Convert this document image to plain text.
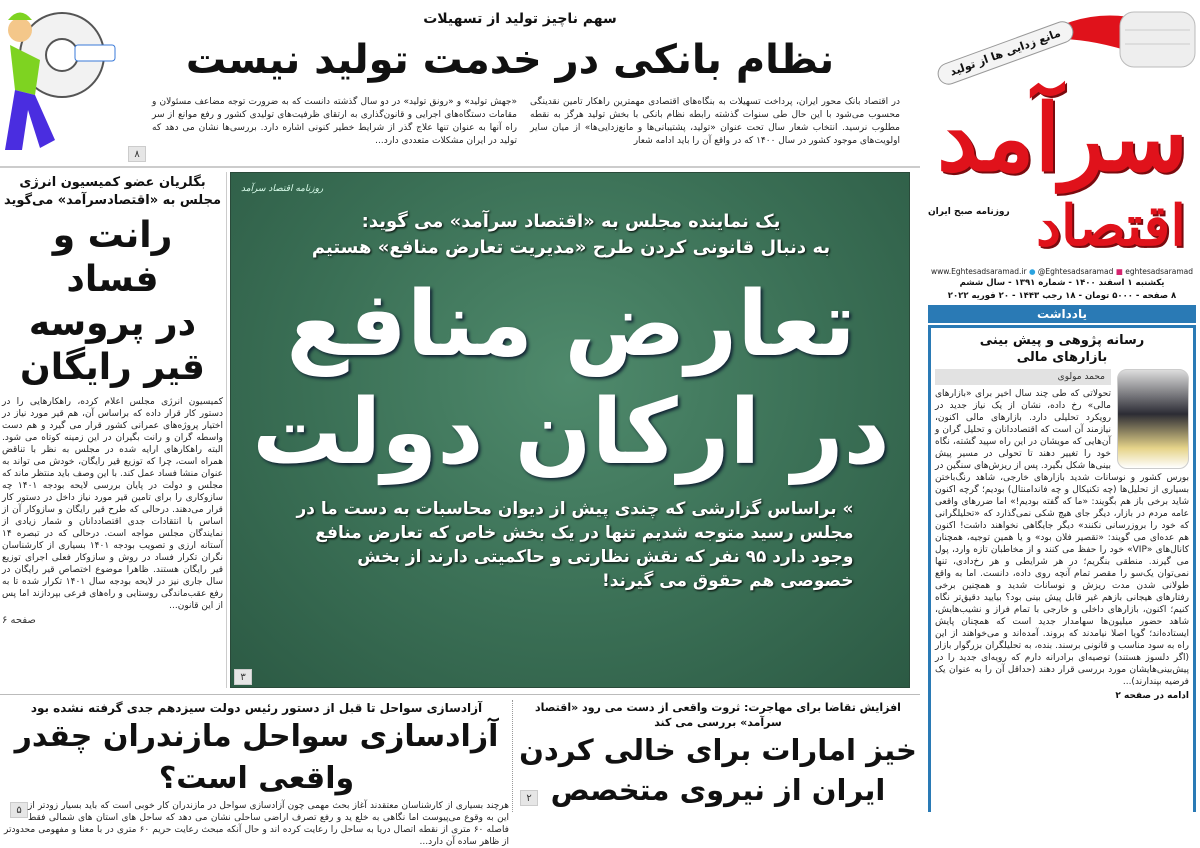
۸
سهم ناچیز تولید از تسهیلات
نظام بانکی در خدمت تولید نیست
در اقتصاد بانک محور ایران، پرداخت تسهیلات به بنگاه‌های اقتصادی مهمترین راهکار تامین نقدینگی محسوب می‌شود با این حال طی سنوات گذشته رابطه نظام بانکی با بخش تولید هرگز به نقطه مطلوب نرسید. انتخاب شعار سال تحت عنوان «تولید، پشتیبانی‌ها و مانع‌زدایی‌ها» از میان سایر اولویت‌های موجود کشور در سال ۱۴۰۰ که در واقع آن را باید ادامه شعار
«جهش تولید» و «رونق تولید» در دو سال گذشته دانست که به ضرورت توجه مضاعف مسئولان و مقامات دستگاه‌های اجرایی و قانون‌گذاری به ارتقای ظرفیت‌های تولیدی کشور و رفع موانع از سر راه آنها به عنوان تنها علاج گذر از شرایط خطیر کنونی اشاره دارد. بررسی‌ها نشان می دهد که تولید در ایران مشکلات متعددی دارد...
بگلریان عضو کمیسیون انرژی مجلس به «اقتصادسرآمد» می‌گوید
رانت و فساد
در پروسه
قیر رایگان
کمیسیون انرژی مجلس اعلام کرده، راهکارهایی را در دستور کار قرار داده که براساس آن، هم قیر مورد نیاز در اختیار پروژه‌های عمرانی کشور قرار می گیرد و هم دست واسطه گران و رانت بگیران در این زمینه کوتاه می شود. البته راهکارهای ارایه شده در مجلس به نظر با تناقض همراه است، چرا که توزیع قیر رایگان، خودش می تواند به عنوان منشا فساد عمل کند. با این وصف باید منتظر ماند که مجلس و دولت در پایان بررسی لایحه بودجه ۱۴۰۱ چه سازوکاری را برای تامین قیر مورد نیاز داخل در دستور کار قرار می‌دهند. درحالی که طرح قیر رایگان و سازوکار آن از اساس با انتقادات جدی اقتصاددانان و شمار زیادی از نمایندگان مجلس مواجه است. درحالی که در تبصره ۱۴ آستانه ارزی و تصویب بودجه ۱۴۰۱ بسیاری از کارشناسان نگران تکرار فساد در روش و سازوکار فعلی اجرای توزیع قیر رایگان هستند. ظاهرا موضوع اختصاص قیر رایگان در سال جاری نیز در لایحه بودجه سال ۱۴۰۱ تکرار شده تا به رفع عقب‌ماندگی روستایی و راه‌های فرعی بپردازند اما پس از این قانون...
صفحه ۶
روزنامه اقتصاد سرآمد
یک نماینده مجلس به «اقتصاد سرآمد» می گوید:
به دنبال قانونی کردن طرح «مدیریت تعارض منافع» هستیم
تعارض منافع
در ارکان دولت
» براساس گزارشی که چندی پیش از دیوان محاسبات به دست ما در مجلس رسید متوجه شدیم تنها در یک بخش خاص که تعارض منافع وجود دارد ۹۵ نفر که نقش نظارتی و حاکمیتی دارند از بخش خصوصی هم حقوق می گیرند!
۳
مانع زدایی ها از تولید
سرآمد
روزنامه صبح ایران اقتصاد
www.Eghtesadsaramad.ir ● @Eghtesadsaramad ■ eghtesadsaramad
یکشنبه ۱ اسفند ۱۴۰۰ - شماره ۱۳۹۱ - سال ششم
۸ صفحه - ۵۰۰۰ تومان - ۱۸ رجب ۱۴۴۳ - ۲۰ فوریه ۲۰۲۲
یادداشت
رسانه پژوهی و پیش بینی
بازارهای مالی
محمد مولوی
تحولاتی که طی چند سال اخیر برای «بازارهای مالی» رخ داده، نشان از یک نیاز جدید در رویکرد تحلیلی دارد. بازارهای مالی اکنون، نیازمند آن است که اقتصاددانان و تحلیل گران و آن‌هایی که مویشان در این راه سپید گشته، نگاه خود را تغییر دهند تا تحولی در مسیر پیش بینی‌ها شکل بگیرد. پس از ریزش‌های سنگین در بورس کشور و نوسانات شدید بازارهای خارجی، شاهد رنگ‌باختن بسیاری از تحلیل‌ها (چه تکنیکال و چه فاندامنتال) بودیم؛ گرچه اکنون شاید برخی باز هم بگویند: «ما که گفته بودیم!» اما ضررهای واقعی عامه مردم در بازار، دیگر جای هیچ شکی نمی‌گذارد که «تحلیلگرانی که خود را بروزرسانی نکنند» دیگر جایگاهی نخواهند داشت! اکنون هم عده‌ای می گویند: «تقصیر فلان بود» و یا همین توجیه، همچنان کانال‌های «VIP» خود را حفظ می کنند و از مخاطبان تازه وارد، پول می گیرند. منطقی بنگریم؛ در هر شرایطی و هر رخ‌دادی، تنها نمی‌توان یک‌سو را مقصر تمام آنچه روی داده، دانست. اما به واقع طولانی شدن مدت ریزش و نوسانات شدید و همچنین برخی رفتارهای هیجانی بازهم غیر قابل پیش بینی بود؟ بیایید دقیق‌تر نگاه کنیم؛ اکنون، بازارهای داخلی و خارجی با تمام فراز و نشیب‌هایش، شاهد حضور میلیون‌ها سهامدار جدید است که همچنان پایش ایستاده‌اند؛ گویا اصلا نیامدند که بروند. آمده‌اند و می‌خواهند از این راه به سود مناسب و قانونی برسند. بنده، به تحلیلگران بزرگوار بازار (اگر دلسوز هستند) توصیه‌ای برادرانه دارم که رویه‌ای جدید را در پیش‌بینی‌هایشان مورد بررسی قرار دهند (حداقل آن را به عنوان یک فرضیه بپندارند)...
ادامه در صفحه ۲
آزادسازی سواحل تا قبل از دستور رئیس دولت سیزدهم جدی گرفته نشده بود
آزادسازی سواحل مازندران چقدر واقعی است؟
۵ هرچند بسیاری از کارشناسان معتقدند آغاز بحث مهمی چون آزادسازی سواحل در مازندران کار خوبی است که باید بسیار زودتر از این به وقوع می‌پیوست اما نگاهی به خلع ید و رفع تصرف اراضی ساحلی نشان می دهد که ساحل های استان های شمالی فقط فاصله ۶۰ متری از نقطه اتصال دریا به ساحل را رعایت کرده اند و حال آنکه مبحث رعایت حریم ۶۰ متری در با معنا و مفهومی محدودتر از ظاهر ساده آن دارد...
افزایش تقاضا برای مهاجرت: ثروت واقعی از دست می رود «اقتصاد سرآمد» بررسی می کند
خیز امارات برای خالی کردن
۲ ایران از نیروی متخصص
